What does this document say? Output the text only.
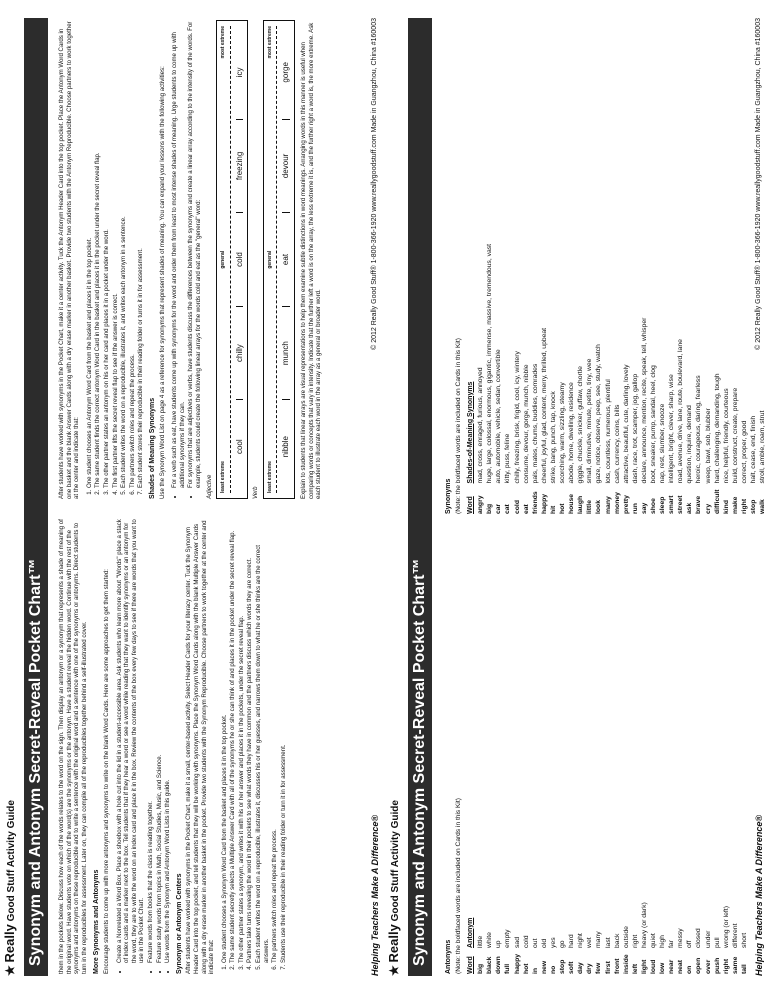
★ Really Good Stuff Activity Guide Synonym and Antonym Secret-Reveal Pocket Chart™	them in the pockets below. Discuss how each of the words relates to the word on the sign. Then display an antonym or a synonym that represents a shade of meaning of the original word. Have students vote on which of the word(s) are the synonyms or the antonym. Have a student reveal the hidden word. Continue with the rest of the synonyms and antonyms on these reproducible and to write a sentence with the original word and a sentence with one of the synonyms or antonyms. Direct students to turn in the reproducibles for assessment. Later on, they can compile all of the reproducibles together behind a self-illustrated cover. More Synonyms and Antonyms Encourage students to come up with more antonyms and synonyms to write on the blank Word Cards. Here are some approaches to get them started: • Create a Nonrelated a Word Box. Place a shoebox with a hole cut into the lid in a student-accessible area. Ask students who learn more about "Words" place a stack of index cards and a marker next to the box. Tell students that if they hear a word or see a word while reading that they want to identify synonyms or an antonym for the word, they are to write the word on an index card and place it in the box. Review the contents of the box every few days to see if there are words that you want to use in the Pocket Chart. • Feature words from books that the class is reading together. • Feature study words from topics in Math, Social Studies, Music, and Science. • Use words from the Synonym and Antonym Word Lists in this guide. Synonym or Antonym Centers After students have worked with synonyms in the Pocket Chart, make it a small, center-based activity. Select Header Cards for your literacy center. Tuck the Synonym Header Card into the top pocket, and tell students that they will be working with synonyms. Place the Synonym Word Cards along with the blank Multiple Answer Cards along with a dry erase marker in another basket in the pocket. Provide two students with the Synonym Reproducible. Choose partners to work together at the center and indicate that: 1. One student chooses a Synonym Word Card from the basket and places it in the top pocket. 2. The same student secretly selects a Multiple Answer Card with all of the synonyms he or she can think of and places it in the pocket under the secret reveal flap. 3. The other partner states a synonym, and writes it with his or her answer and places it in the pockets, under the secret reveal flap. 4. Partners take turns revealing the word in their pockets to see what words they have in common and the partners discuss which words they are correct. 5. Each student writes the word on a reproducible, illustrates it, discusses his or her guesses, and narrows them down to what he or she thinks are the correct answers. 6. The partners switch roles and repeat the process. 7. Students use their reproducible in their reading folder or turn it in for assessment.

After students have worked with synonyms in the Pocket Chart, make it a center activity. Tuck the Antonym Header Card into the top pocket. Place the Antonym Word Cards in one basket and the blank Answer Cards along with a dry erase marker in another basket. Provide two students with the Antonym Reproducible. Choose partners to work together at the center and indicate that: 1. One student chooses an Antonym Word Card from the basket and places it in the top pocket. 2. The same student finds the correct antonym Word Card in the basket and places it in the pocket under the secret reveal flap. 3. The other partner states an antonym on his or her card and places it in a pocket under the word. 4. The first partner lifts the secret reveal flap to see if the answer is correct. 5. Each student writes the word on a reproducible, illustrates it, and writes each antonym in a sentence. 6. The partners switch roles and repeat the process. 7. Each student stores their reproducible in their reading folder or turns it in for assessment. Shades of Meaning Synonyms Use the Synonym Word List on page 4 as a reference for synonyms that represent shades of meaning. You can expand your lessons with the following activities: • For a verb such as eat, have students come up with synonyms for the word and order them from least to most intense shades of meaning. Urge students to come up with additional synonyms if they can. • For synonyms that are adjectives or verbs, have students discuss the differences between the synonyms and create a linear array according to the intensity of the words. For example, students could create the following linear arrays for the words cold and eat as the "general" word: Adjective	least extreme
general
most extreme
cool
chilly
cold
freezing
icy
Verb	least extreme
general
most extreme
nibble
munch
eat
devour
gorge Explain to students that linear arrays are visual representations to help them examine subtle distinctions in word meanings. Arranging words in this manner is useful when comparing words or concepts that vary in intensity. Indicate that the further left a word is on the array, the less extreme it is, and the further right a word is, the more extreme. Ask each student to illustrate each word in the array as a general or broader word.

Helping Teachers Make A Difference®
© 2012 Really Good Stuff® 1-800-366-1920 www.reallygoodstuff.com Made in Guangzhou, China #160003
★ Really Good Stuff Activity Guide Synonym and Antonym Secret-Reveal Pocket Chart™	Antonyms (Note: the boldfaced words are included on Cards in this Kit) Word	Antonym
big	little
black	white
down	up
full	empty
happy	sad
hot	cold
in	out
new	old
no	yes
stop	go
soft	hard
day	night
dry	wet
few	many
first	last
front	back
inside	outside
left	right
light	heavy (or dark)
loud	quiet
low	high
near	far
neat	messy
on	off
open	closed
over	under
push	pull
right	wrong (or left)
same	different
tall	short
Synonyms (Note: the boldfaced words are included on Cards in this Kit) Word	Shades-of-Meaning Synonyms
angry	mad, cross, enraged, furious, annoyed
big	huge, large, colossal, enormous, gigantic, immense, massive, tremendous, vast
car	auto, automobile, vehicle, sedan, convertible
cat	kitty, puss, feline
cold	chilly, freezing, brisk, frigid, cool, icy, wintery
eat	consume, devour, gorge, munch, nibble
friends	pals, mates, chums, buddies, comrades
happy	cheerful, joyful, glad, content, merry, thrilled, upbeat
hit	strike, bang, punch, tap, knock
hot	scorching, warm, sizzling, steamy
house	abode, home, dwelling, residence
laugh	giggle, chuckle, snicker, guffaw, chortle
little	small, diminutive, minute, petite, tiny, wee
look	gaze, notice, observe, peep, see, study, watch
many	lots, countless, numerous, plentiful
money	cash, currency, coins, bills
pretty	attractive, beautiful, cute, darling, lovely
run	dash, race, trot, scamper, jog, gallop
say	declare, announce, mention, recite, speak, tell, whisper
shoe	boot, sneaker, pump, sandal, heel, clog
sleep	nap, rest, slumber, snooze
smart	intelligent, bright, clever, sharp, wise
street	road, avenue, drive, lane, route, boulevard, lane
ask	question, inquire, demand
brave	heroic, courageous, daring, fearless
cry	weep, bawl, sob, blubber
difficult	hard, challenging, demanding, tough
kind	nice, helpful, friendly, courteous
make	build, construct, create, prepare
right	correct, proper, good
stop	halt, cease, end, finish
walk	stroll, amble, roam, strut
Helping Teachers Make A Difference®
© 2012 Really Good Stuff® 1-800-366-1920 www.reallygoodstuff.com Made in Guangzhou, China #160003
